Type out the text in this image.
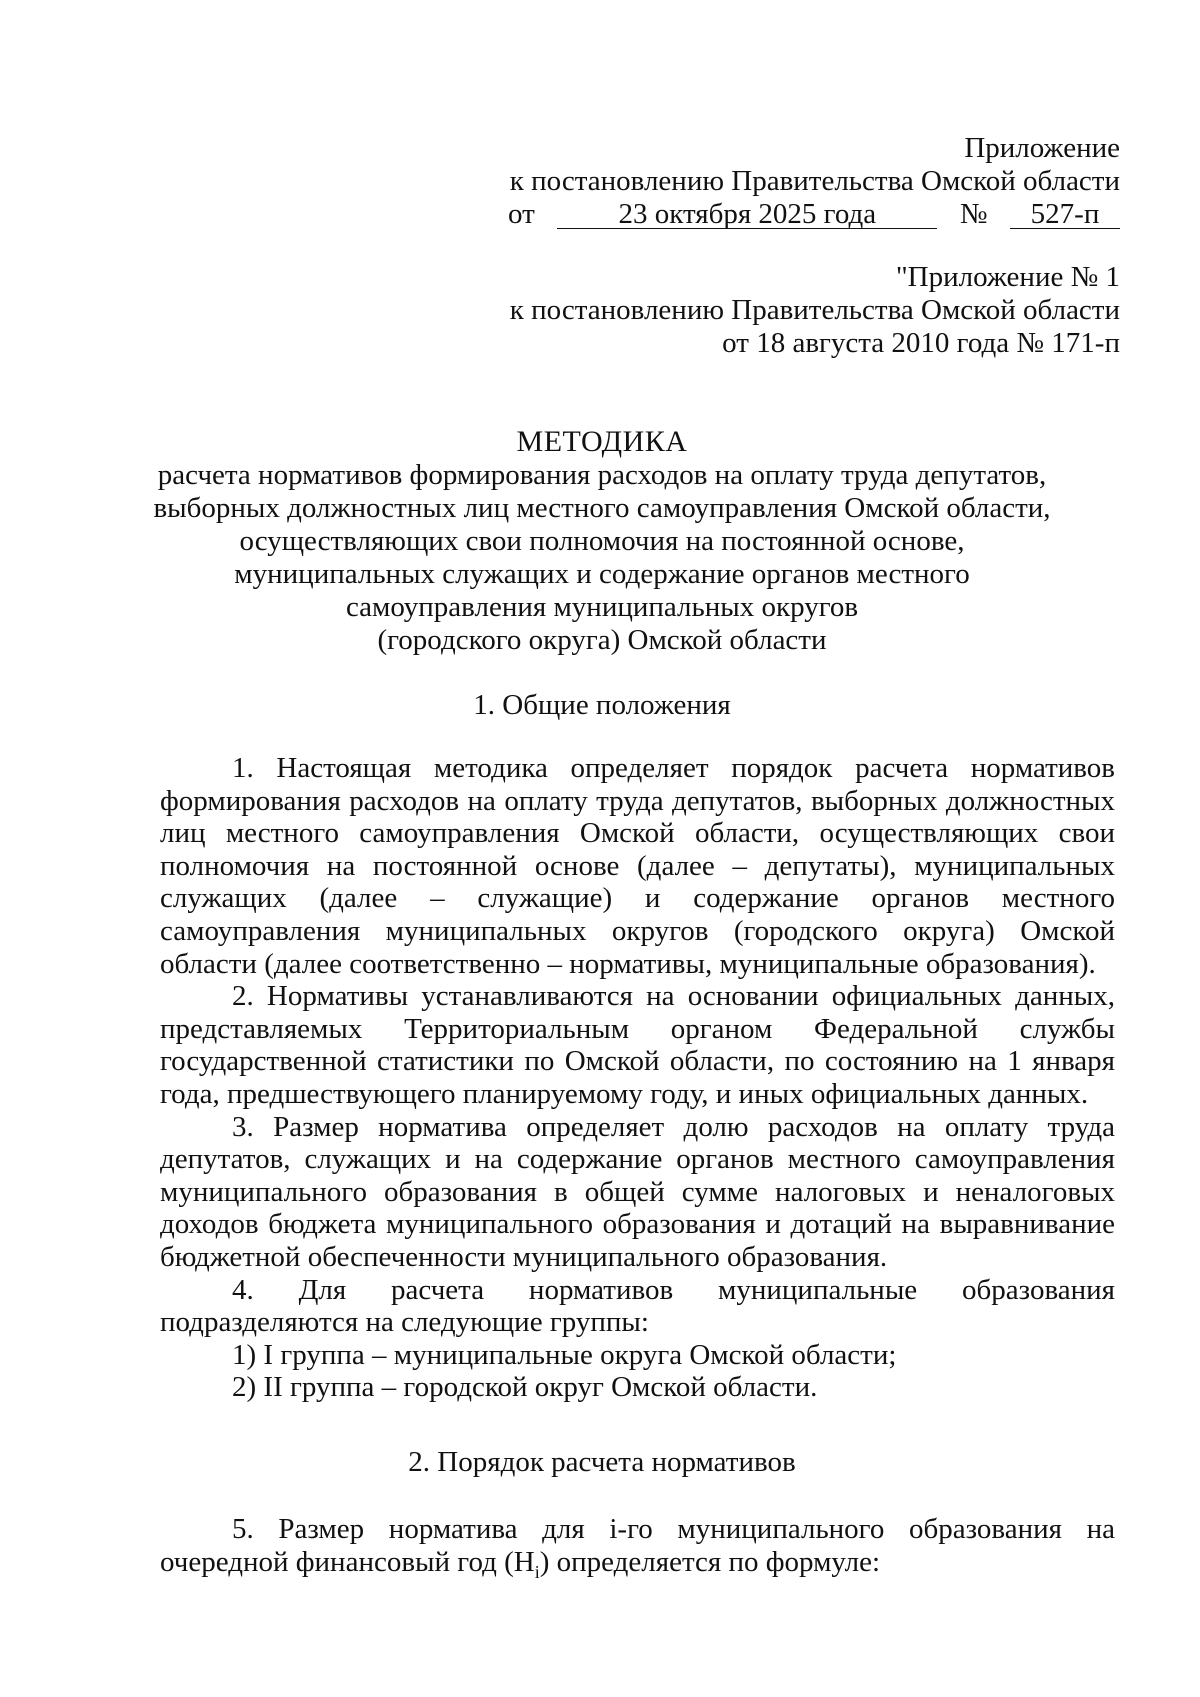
Приложение
к постановлению Правительства Омской области
от	23 октября 2025 года	№ 527-п
"Приложение № 1
к постановлению Правительства Омской области
от 18 августа 2010 года № 171-п
МЕТОДИКА
расчета нормативов формирования расходов на оплату труда депутатов,
выборных должностных лиц местного самоуправления Омской области,
осуществляющих свои полномочия на постоянной основе,
муниципальных служащих и содержание органов местного
самоуправления муниципальных округов
(городского округа) Омской области
1. Общие положения

1. Настоящая методика определяет порядок расчета нормативов формирования расходов на оплату труда депутатов, выборных должностных лиц местного самоуправления Омской области, осуществляющих свои полномочия на постоянной основе (далее – депутаты), муниципальных служащих (далее – служащие) и содержание органов местного самоуправления муниципальных округов (городского округа) Омской области (далее соответственно – нормативы, муниципальные образования).

2. Нормативы устанавливаются на основании официальных данных, представляемых Территориальным органом Федеральной службы государственной статистики по Омской области, по состоянию на 1 января года, предшествующего планируемому году, и иных официальных данных.

3. Размер норматива определяет долю расходов на оплату труда депутатов, служащих и на содержание органов местного самоуправления муниципального образования в общей сумме налоговых и неналоговых доходов бюджета муниципального образования и дотаций на выравнивание бюджетной обеспеченности муниципального образования.

4. Для расчета нормативов муниципальные образования подразделяются на следующие группы:

1) I группа – муниципальные округа Омской области;

2) II группа – городской округ Омской области.

2. Порядок расчета нормативов

5. Размер норматива для i-го муниципального образования на очередной финансовый год $(Н_i)$ определяется по формуле:
